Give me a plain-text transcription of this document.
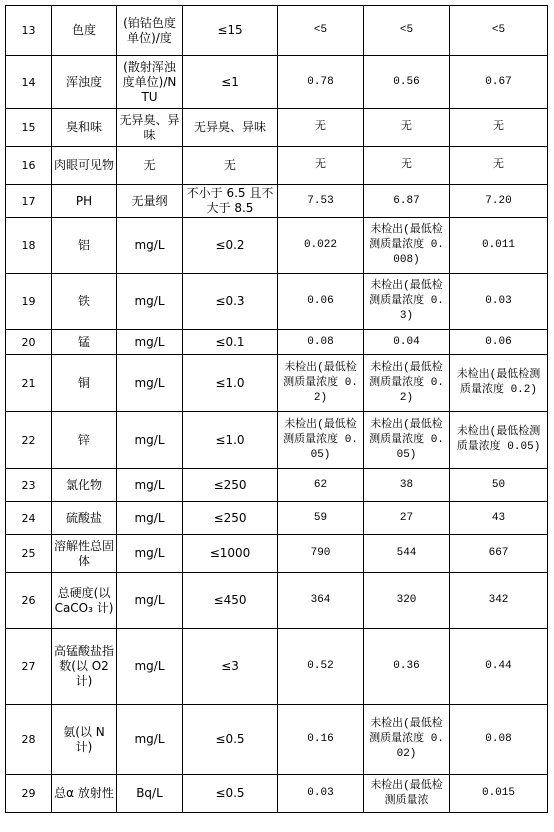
13	色度	(铂钴色度单位)/度	≤15	<5	<5	<5
14	浑浊度	(散射浑浊度单位)/NTU	≤1	0.78	0.56	0.67
15	臭和味	无异臭、异 味	无异臭、异味	无	无	无
16	肉眼可见物	无	无	无	无	无
17	PH	无量纲	不小于 6.5 且不大于 8.5	7.53	6.87	7.20
18	铝	mg/L	≤0.2	0.022	未检出(最低检测质量浓度 0.008)	0.011
19	铁	mg/L	≤0.3	0.06	未检出(最低检测质量浓度 0.3)	0.03
20	锰	mg/L	≤0.1	0.08	0.04	0.06
21	铜	mg/L	≤1.0	未检出(最低检测质量浓度 0.2)	未检出(最低检测质量浓度 0.2)	未检出(最低检测质量浓度 0.2)
22	锌	mg/L	≤1.0	未检出(最低检测质量浓度 0.05)	未检出(最低检测质量浓度 0.05)	未检出(最低检测质量浓度 0.05)
23	氯化物	mg/L	≤250	62	38	50
24	硫酸盐	mg/L	≤250	59	27	43
25	溶解性总固体	mg/L	≤1000	790	544	667
26	总硬度(以 CaCO₃ 计)	mg/L	≤450	364	320	342
27	高锰酸盐指数(以 O2 计)	mg/L	≤3	0.52	0.36	0.44
28	氨(以 N 计)	mg/L	≤0.5	0.16	未检出(最低检测质量浓度 0.02)	0.08
29	总α 放射性	Bq/L	≤0.5	0.03	未检出(最低检测质量浓	0.015
